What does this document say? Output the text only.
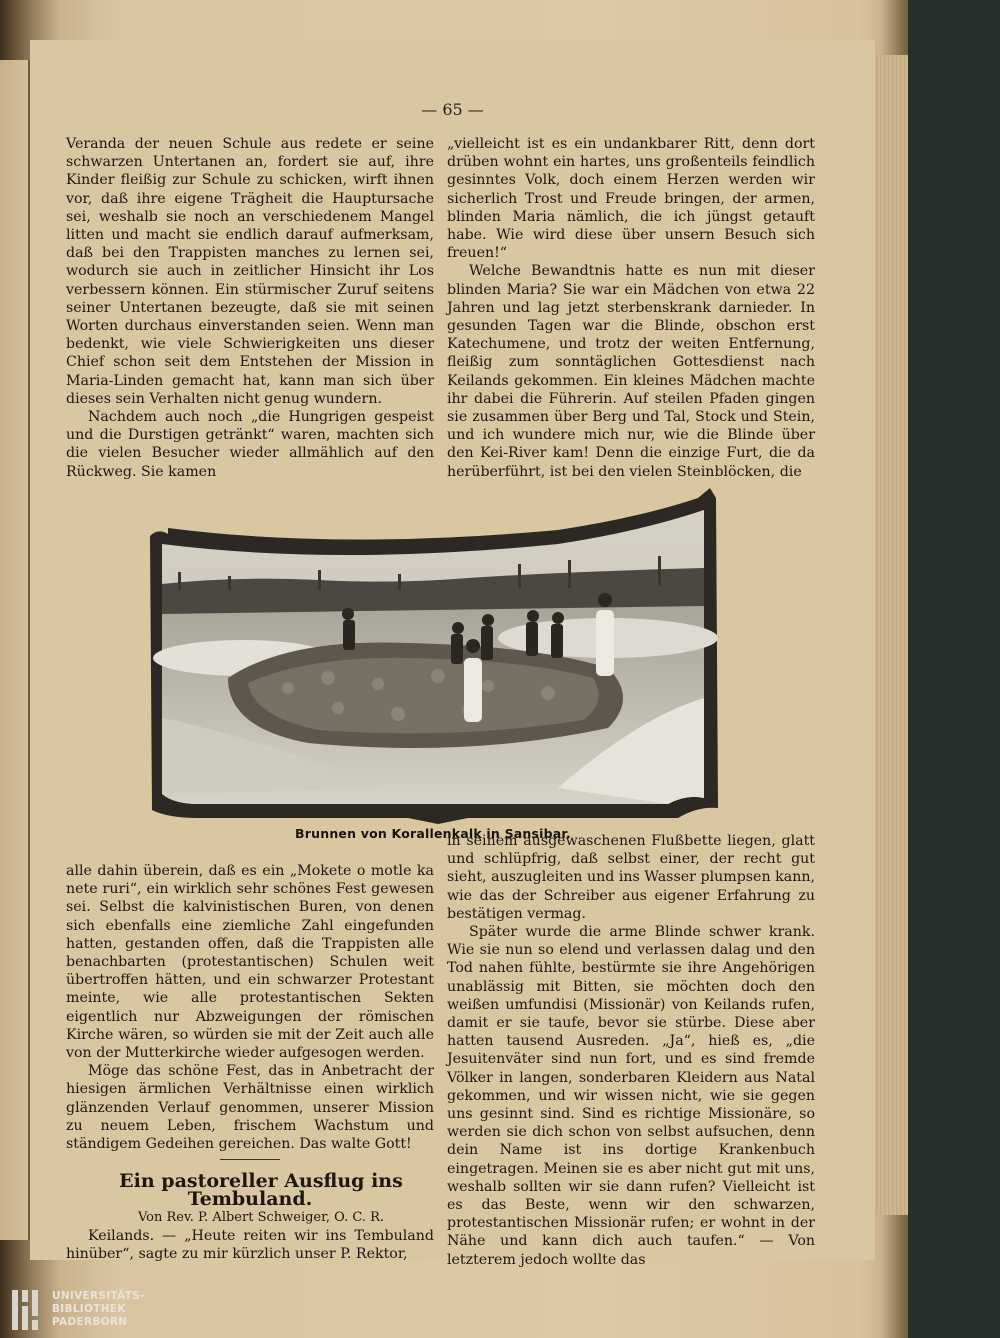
— 65 —

Veranda der neuen Schule aus redete er seine schwarzen Untertanen an, fordert sie auf, ihre Kinder fleißig zur Schule zu schicken, wirft ihnen vor, daß ihre eigene Trägheit die Hauptursache sei, weshalb sie noch an verschiedenem Mangel litten und macht sie endlich darauf aufmerksam, daß bei den Trappisten manches zu lernen sei, wodurch sie auch in zeitlicher Hinsicht ihr Los verbessern können. Ein stürmischer Zuruf seitens seiner Untertanen bezeugte, daß sie mit seinen Worten durchaus einverstanden seien. Wenn man bedenkt, wie viele Schwierigkeiten uns dieser Chief schon seit dem Entstehen der Mission in Maria-Linden gemacht hat, kann man sich über dieses sein Verhalten nicht genug wundern.

Nachdem auch noch „die Hungrigen gespeist und die Durstigen getränkt“ waren, machten sich die vielen Besucher wieder allmählich auf den Rückweg. Sie kamen

„vielleicht ist es ein undankbarer Ritt, denn dort drüben wohnt ein hartes, uns großenteils feindlich gesinntes Volk, doch einem Herzen werden wir sicherlich Trost und Freude bringen, der armen, blinden Maria nämlich, die ich jüngst getauft habe. Wie wird diese über unsern Besuch sich freuen!“

Welche Bewandtnis hatte es nun mit dieser blinden Maria? Sie war ein Mädchen von etwa 22 Jahren und lag jetzt sterbenskrank darnieder. In gesunden Tagen war die Blinde, obschon erst Katechumene, und trotz der weiten Entfernung, fleißig zum sonntäglichen Gottesdienst nach Keilands gekommen. Ein kleines Mädchen machte ihr dabei die Führerin. Auf steilen Pfaden gingen sie zusammen über Berg und Tal, Stock und Stein, und ich wundere mich nur, wie die Blinde über den Kei-River kam! Denn die einzige Furt, die da herüberführt, ist bei den vielen Steinblöcken, die

Brunnen von Korallenkalk in Sansibar.

alle dahin überein, daß es ein „Mokete o motle ka nete ruri“, ein wirklich sehr schönes Fest gewesen sei. Selbst die kalvinistischen Buren, von denen sich ebenfalls eine ziemliche Zahl eingefunden hatten, gestanden offen, daß die Trappisten alle benachbarten (protestantischen) Schulen weit übertroffen hätten, und ein schwarzer Protestant meinte, wie alle protestantischen Sekten eigentlich nur Abzweigungen der römischen Kirche wären, so würden sie mit der Zeit auch alle von der Mutterkirche wieder aufgesogen werden.

Möge das schöne Fest, das in Anbetracht der hiesigen ärmlichen Verhältnisse einen wirklich glänzenden Verlauf genommen, unserer Mission zu neuem Leben, frischem Wachstum und ständigem Gedeihen gereichen. Das walte Gott!

Ein pastoreller Ausflug ins Tembuland.

Von Rev. P. Albert Schweiger, O. C. R.

Keilands. — „Heute reiten wir ins Tembuland hinüber“, sagte zu mir kürzlich unser P. Rektor,

in seinem ausgewaschenen Flußbette liegen, glatt und schlüpfrig, daß selbst einer, der recht gut sieht, auszugleiten und ins Wasser plumpsen kann, wie das der Schreiber aus eigener Erfahrung zu bestätigen vermag.

Später wurde die arme Blinde schwer krank. Wie sie nun so elend und verlassen dalag und den Tod nahen fühlte, bestürmte sie ihre Angehörigen unablässig mit Bitten, sie möchten doch den weißen umfundisi (Missionär) von Keilands rufen, damit er sie taufe, bevor sie stürbe. Diese aber hatten tausend Ausreden. „Ja“, hieß es, „die Jesuitenväter sind nun fort, und es sind fremde Völker in langen, sonderbaren Kleidern aus Natal gekommen, und wir wissen nicht, wie sie gegen uns gesinnt sind. Sind es richtige Missionäre, so werden sie dich schon von selbst aufsuchen, denn dein Name ist ins dortige Krankenbuch eingetragen. Meinen sie es aber nicht gut mit uns, weshalb sollten wir sie dann rufen? Vielleicht ist es das Beste, wenn wir den schwarzen, protestantischen Missionär rufen; er wohnt in der Nähe und kann dich auch taufen.“ — Von letzterem jedoch wollte das

UNIVERSITÄTS-
BIBLIOTHEK
PADERBORN
